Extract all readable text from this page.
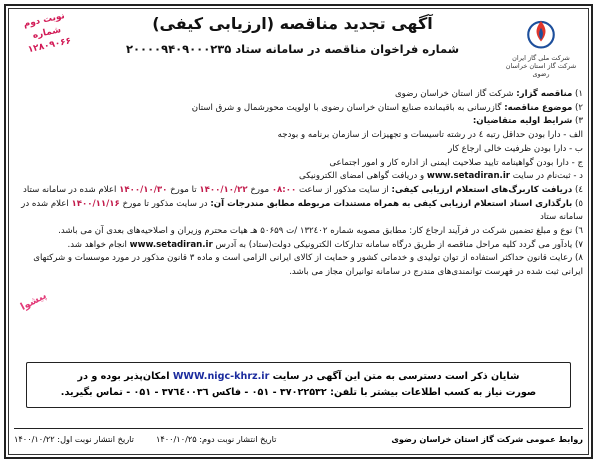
شرکت ملی گاز ایران
شرکت گاز استان خراسان رضوی
نوبت دوم
شماره ۱۲۸۰۹۰۶۶
آگهی تجدید مناقصه (ارزیابی کیفی)
شماره فراخوان مناقصه در سامانه ستاد ۲۰۰۰۰۹۴۰۹۰۰۰۲۳۵

۱) مناقصه گزار: شرکت گاز استان خراسان رضوی

۲) موضوع مناقصه: گازرسانی به باقیمانده صنایع استان خراسان رضوی با اولویت محورشمال و شرق استان

۳) شرایط اولیه متقاضیان:

الف - دارا بودن حداقل رتبه ٤ در رشته تاسیسات و تجهیزات از سازمان برنامه و بودجه

ب - دارا بودن ظرفیت خالی ارجاع کار

ج - دارا بودن گواهینامه تایید صلاحیت ایمنی از اداره کار و امور اجتماعی

د - ثبت‌نام در سایت www.setadiran.ir و دریافت گواهی امضای الکترونیکی

٤) دریافت کاربرگ‌های استعلام ارزیابی کیفی: از سایت مذکور از ساعت ۰۸:۰۰ مورخ ۱۴۰۰/۱۰/۲۲ تا مورخ ۱۴۰۰/۱۰/۳۰ اعلام شده در سامانه ستاد

٥) بارگذاری اسناد استعلام ارزیابی کیفی به همراه مستندات مربوطه مطابق مندرجات آن: در سایت مذکور تا مورخ ۱۴۰۰/۱۱/۱۶ اعلام شده در سامانه ستاد

٦) نوع و مبلغ تضمین شرکت در فرآیند ارجاع کار: مطابق مصوبه شماره ۱۳۲٤۰۲ /ت ۵۰۶۵۹ هـ هیات محترم وزیران و اصلاحیه‌های بعدی آن می باشد.

٧) یادآور می گردد کلیه مراحل مناقصه از طریق درگاه سامانه تدارکات الکترونیکی دولت(ستاد) به آدرس www.setadiran.ir انجام خواهد شد.

٨) رعایت قانون حداکثر استفاده از توان تولیدی و خدماتی کشور و حمایت از کالای ایرانی الزامی است و ماده ۳ قانون مذکور در مورد موسسات و شرکتهای ایرانی ثبت شده در فهرست توانمندی‌های مندرج در سامانه توانیران مجاز می باشد.

پیشوا
شایان ذکر است دسترسی به متن این آگهی در سایت WWW.nigc-khrz.ir امکان‌پذیر بوده و در
صورت نیاز به کسب اطلاعات بیشتر با تلفن: ۳۷۰۲۲۵۳۲ - ۰۵۱ - فاکس ۳۷٦٤۰۰۳٦ - ۰۵۱ - تماس بگیرید.
روابط عمومی شرکت گاز استان خراسان رضوی
تاریخ انتشار نوبت دوم: ۱۴۰۰/۱۰/۲۵
تاریخ انتشار نوبت اول: ۱۴۰۰/۱۰/۲۲
